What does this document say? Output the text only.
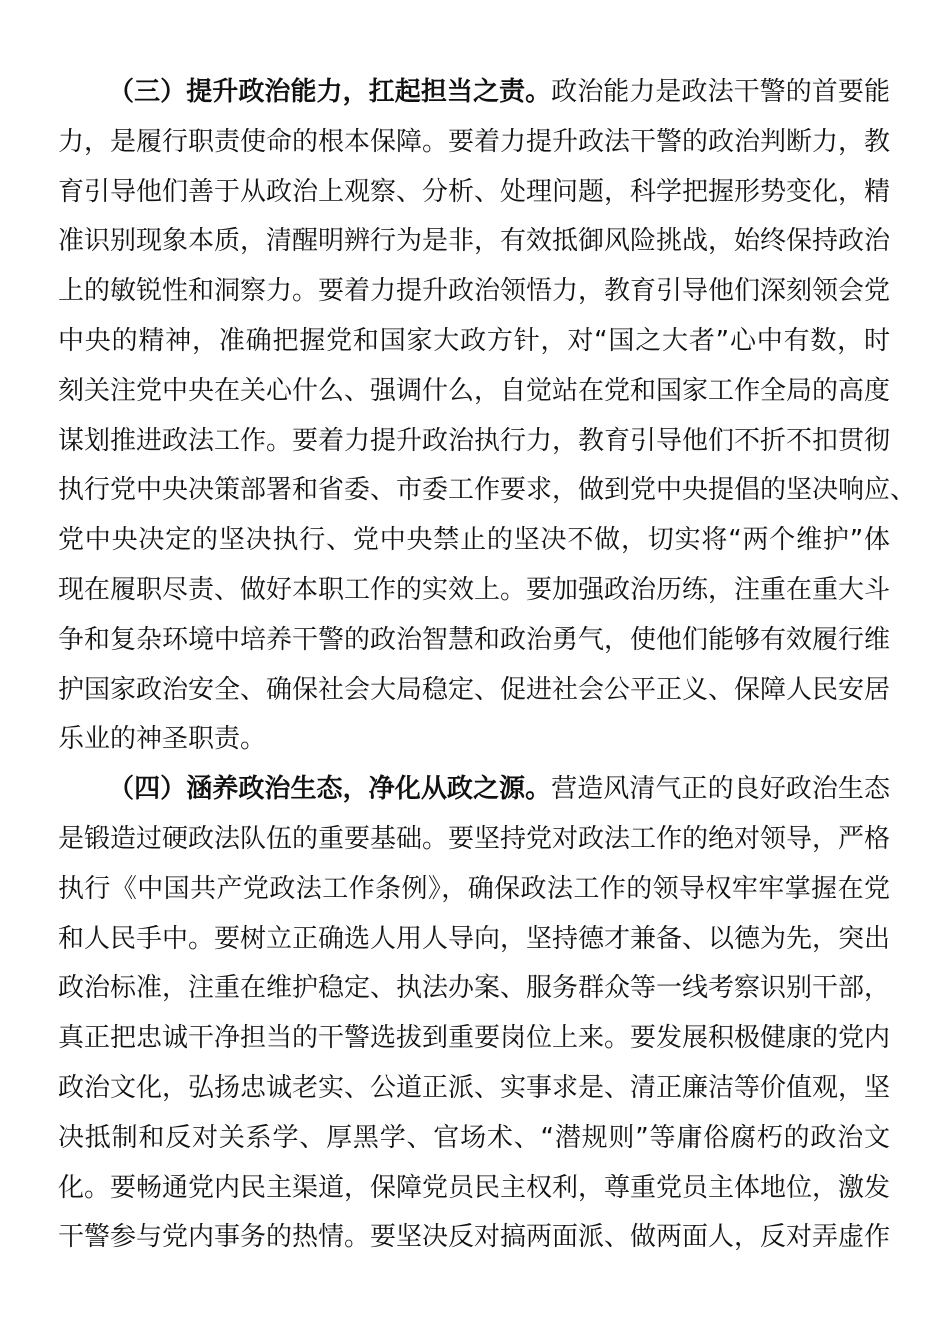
（三）提升政治能力，扛起担当之责。政治能力是政法干警的首要能
力，是履行职责使命的根本保障。要着力提升政法干警的政治判断力，教
育引导他们善于从政治上观察、分析、处理问题，科学把握形势变化，精
准识别现象本质，清醒明辨行为是非，有效抵御风险挑战，始终保持政治
上的敏锐性和洞察力。要着力提升政治领悟力，教育引导他们深刻领会党
中央的精神，准确把握党和国家大政方针，对“国之大者”心中有数，时
刻关注党中央在关心什么、强调什么，自觉站在党和国家工作全局的高度
谋划推进政法工作。要着力提升政治执行力，教育引导他们不折不扣贯彻
执行党中央决策部署和省委、市委工作要求，做到党中央提倡的坚决响应、
党中央决定的坚决执行、党中央禁止的坚决不做，切实将“两个维护”体
现在履职尽责、做好本职工作的实效上。要加强政治历练，注重在重大斗
争和复杂环境中培养干警的政治智慧和政治勇气，使他们能够有效履行维
护国家政治安全、确保社会大局稳定、促进社会公平正义、保障人民安居
乐业的神圣职责。
（四）涵养政治生态，净化从政之源。营造风清气正的良好政治生态
是锻造过硬政法队伍的重要基础。要坚持党对政法工作的绝对领导，严格
执行《中国共产党政法工作条例》，确保政法工作的领导权牢牢掌握在党
和人民手中。要树立正确选人用人导向，坚持德才兼备、以德为先，突出
政治标准，注重在维护稳定、执法办案、服务群众等一线考察识别干部，
真正把忠诚干净担当的干警选拔到重要岗位上来。要发展积极健康的党内
政治文化，弘扬忠诚老实、公道正派、实事求是、清正廉洁等价值观，坚
决抵制和反对关系学、厚黑学、官场术、“潜规则”等庸俗腐朽的政治文
化。要畅通党内民主渠道，保障党员民主权利，尊重党员主体地位，激发
干警参与党内事务的热情。要坚决反对搞两面派、做两面人，反对弄虚作
